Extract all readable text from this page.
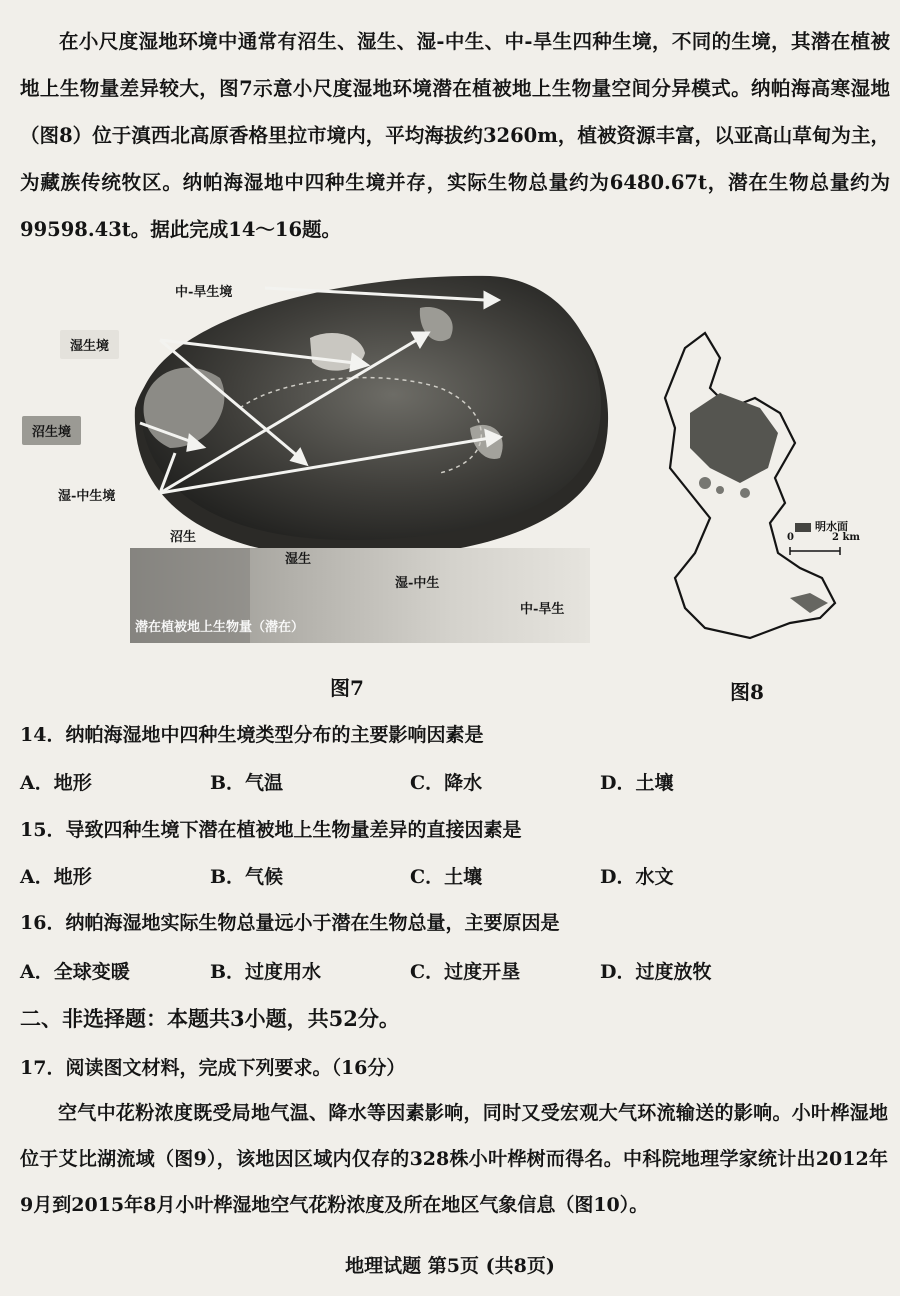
在小尺度湿地环境中通常有沼生、湿生、湿-中生、中-旱生四种生境，不同的生境，其潜在植被地上生物量差异较大，图7示意小尺度湿地环境潜在植被地上生物量空间分异模式。纳帕海高寒湿地（图8）位于滇西北高原香格里拉市境内，平均海拔约3260m，植被资源丰富，以亚高山草甸为主，为藏族传统牧区。纳帕海湿地中四种生境并存，实际生物总量约为6480.67t，潜在生物总量约为99598.43t。据此完成14～16题。

中-旱生境
湿生境
沼生境
湿-中生境
沼生
湿生
湿-中生
中-旱生
潜在植被地上生物量（潜在）
明水面
0	2 km
图7	图8

14．纳帕海湿地中四种生境类型分布的主要影响因素是

A．地形	B．气温	C．降水	D．土壤

15．导致四种生境下潜在植被地上生物量差异的直接因素是

A．地形	B．气候	C．土壤	D．水文

16．纳帕海湿地实际生物总量远小于潜在生物总量，主要原因是

A．全球变暖	B．过度用水	C．过度开垦	D．过度放牧
二、非选择题：本题共3小题，共52分。

17．阅读图文材料，完成下列要求。（16分）

空气中花粉浓度既受局地气温、降水等因素影响，同时又受宏观大气环流输送的影响。小叶桦湿地位于艾比湖流域（图9），该地因区域内仅存的328株小叶桦树而得名。中科院地理学家统计出2012年9月到2015年8月小叶桦湿地空气花粉浓度及所在地区气象信息（图10）。

地理试题 第5页 (共8页)
